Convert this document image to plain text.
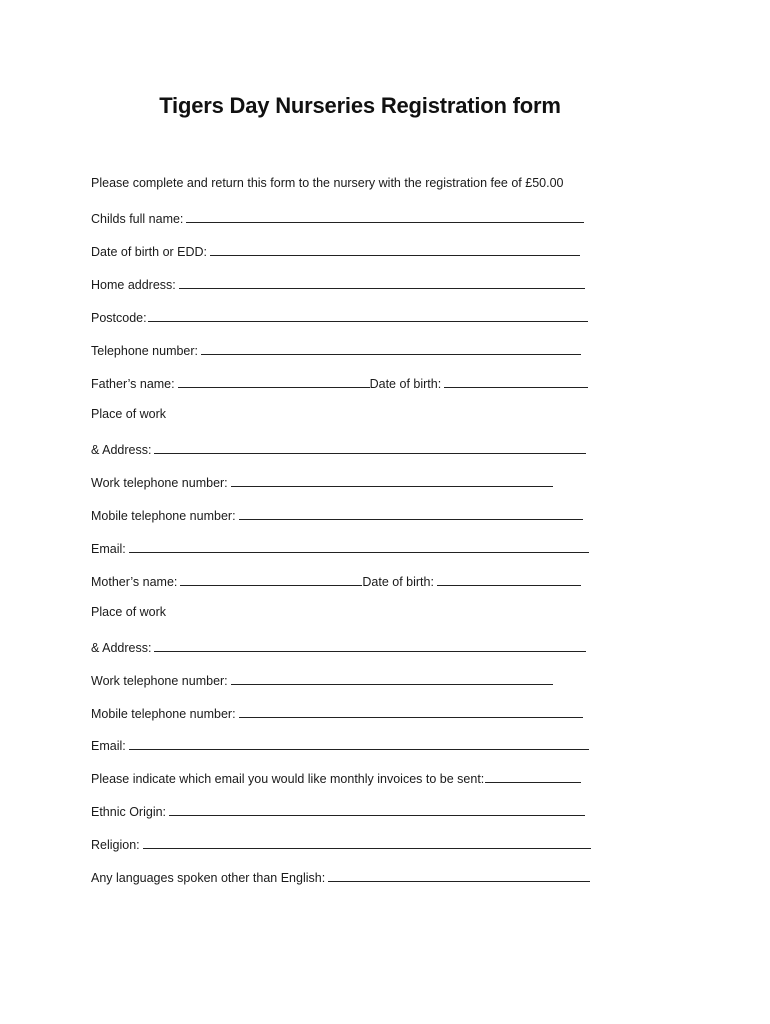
Tigers Day Nurseries Registration form
Please complete and return this form to the nursery with the registration fee of £50.00
Childs full name:
Date of birth or EDD:
Home address:
Postcode:
Telephone number:
Father’s name:	Date of birth:
Place of work
& Address:
Work telephone number:
Mobile telephone number:
Email:
Mother’s name:	Date of birth:
Place of work
& Address:
Work telephone number:
Mobile telephone number:
Email:
Please indicate which email you would like monthly invoices to be sent:
Ethnic Origin:
Religion:
Any languages spoken other than English:
